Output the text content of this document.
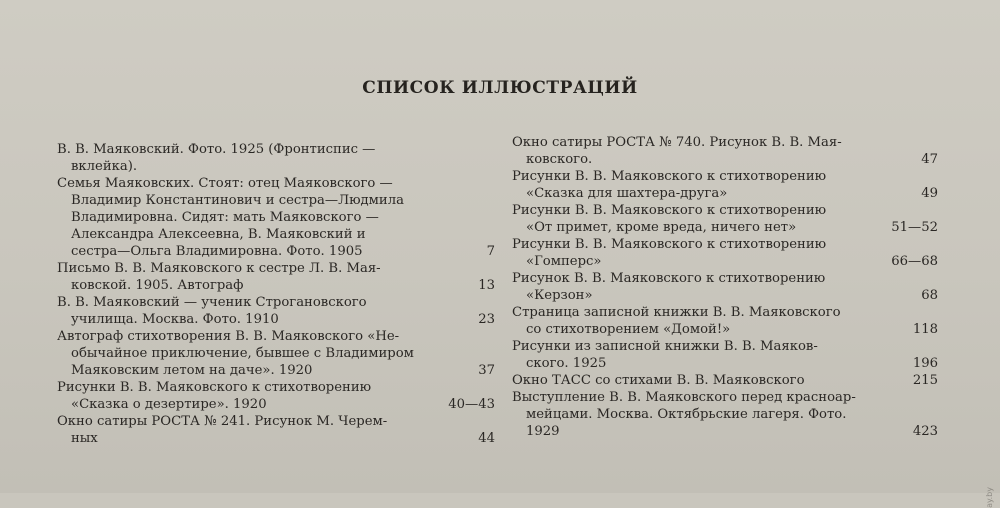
СПИСОК ИЛЛЮСТРАЦИЙ
В. В. Маяковский. Фото. 1925 (Фронтиспис —
вклейка).
Семья Маяковских. Стоят: отец Маяковского —
Владимир Константинович и сестра—Людмила
Владимировна. Сидят: мать Маяковского —
Александра Алексеевна, В. Маяковский и
сестра—Ольга Владимировна. Фото. 1905	7
Письмо В. В. Маяковского к сестре Л. В. Мая-
ковской. 1905. Автограф	13
В. В. Маяковский — ученик Строгановского
училища. Москва. Фото. 1910	23
Автограф стихотворения В. В. Маяковского «Не-
обычайное приключение, бывшее с Владимиром
Маяковским летом на даче». 1920	37
Рисунки В. В. Маяковского к стихотворению
«Сказка о дезертире». 1920	40—43
Окно сатиры РОСТА № 241. Рисунок М. Черем-
ных	44
Окно сатиры РОСТА № 740. Рисунок В. В. Мая-
ковского.	47
Рисунки В. В. Маяковского к стихотворению
«Сказка для шахтера-друга»	49
Рисунки В. В. Маяковского к стихотворению
«От примет, кроме вреда, ничего нет»	51—52
Рисунки В. В. Маяковского к стихотворению
«Гомперс»	66—68
Рисунок В. В. Маяковского к стихотворению
«Керзон»	68
Страница записной книжки В. В. Маяковского
со стихотворением «Домой!»	118
Рисунки из записной книжки В. В. Маяков-
ского. 1925	196
Окно ТАСС со стихами В. В. Маяковского	215
Выступление В. В. Маяковского перед красноар-
мейцами. Москва. Октябрьские лагеря. Фото.
1929	423
ay.by
